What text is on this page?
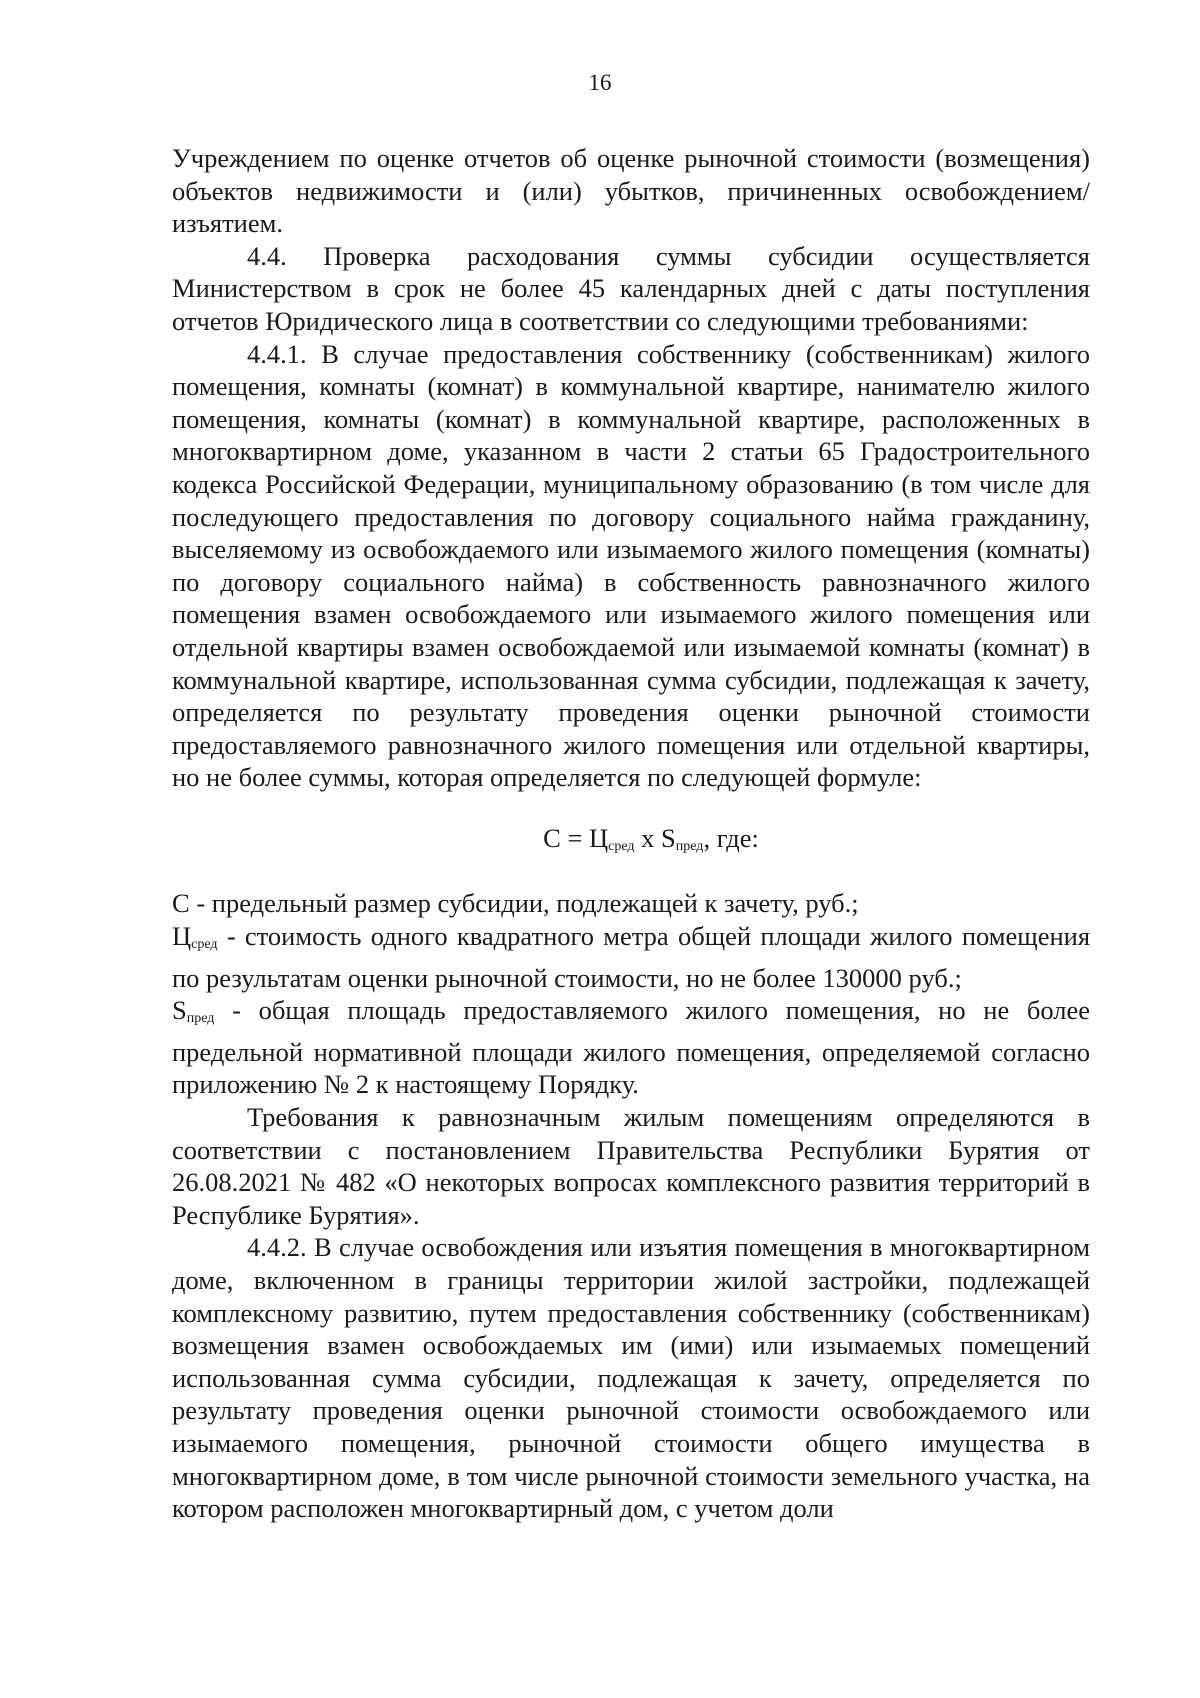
16

Учреждением по оценке отчетов об оценке рыночной стоимости (возмещения) объектов недвижимости и (или) убытков, причиненных освобождением/изъятием.

4.4. Проверка расходования суммы субсидии осуществляется Министерством в срок не более 45 календарных дней с даты поступления отчетов Юридического лица в соответствии со следующими требованиями:

4.4.1. В случае предоставления собственнику (собственникам) жилого помещения, комнаты (комнат) в коммунальной квартире, нанимателю жилого помещения, комнаты (комнат) в коммунальной квартире, расположенных в многоквартирном доме, указанном в части 2 статьи 65 Градостроительного кодекса Российской Федерации, муниципальному образованию (в том числе для последующего предоставления по договору социального найма гражданину, выселяемому из освобождаемого или изымаемого жилого помещения (комнаты) по договору социального найма) в собственность равнозначного жилого помещения взамен освобождаемого или изымаемого жилого помещения или отдельной квартиры взамен освобождаемой или изымаемой комнаты (комнат) в коммунальной квартире, использованная сумма субсидии, подлежащая к зачету, определяется по результату проведения оценки рыночной стоимости предоставляемого равнозначного жилого помещения или отдельной квартиры, но не более суммы, которая определяется по следующей формуле:

$С = Ц_{сред}$ х $S_{пред}$, где:

С - предельный размер субсидии, подлежащей к зачету, руб.;

$Ц_{сред}$ - стоимость одного квадратного метра общей площади жилого помещения по результатам оценки рыночной стоимости, но не более 130000 руб.;

$S_{пред}$ - общая площадь предоставляемого жилого помещения, но не более предельной нормативной площади жилого помещения, определяемой согласно приложению № 2 к настоящему Порядку.

Требования к равнозначным жилым помещениям определяются в соответствии с постановлением Правительства Республики Бурятия от 26.08.2021 № 482 «О некоторых вопросах комплексного развития территорий в Республике Бурятия».

4.4.2. В случае освобождения или изъятия помещения в многоквартирном доме, включенном в границы территории жилой застройки, подлежащей комплексному развитию, путем предоставления собственнику (собственникам) возмещения взамен освобождаемых им (ими) или изымаемых помещений использованная сумма субсидии, подлежащая к зачету, определяется по результату проведения оценки рыночной стоимости освобождаемого или изымаемого помещения, рыночной стоимости общего имущества в многоквартирном доме, в том числе рыночной стоимости земельного участка, на котором расположен многоквартирный дом, с учетом доли
